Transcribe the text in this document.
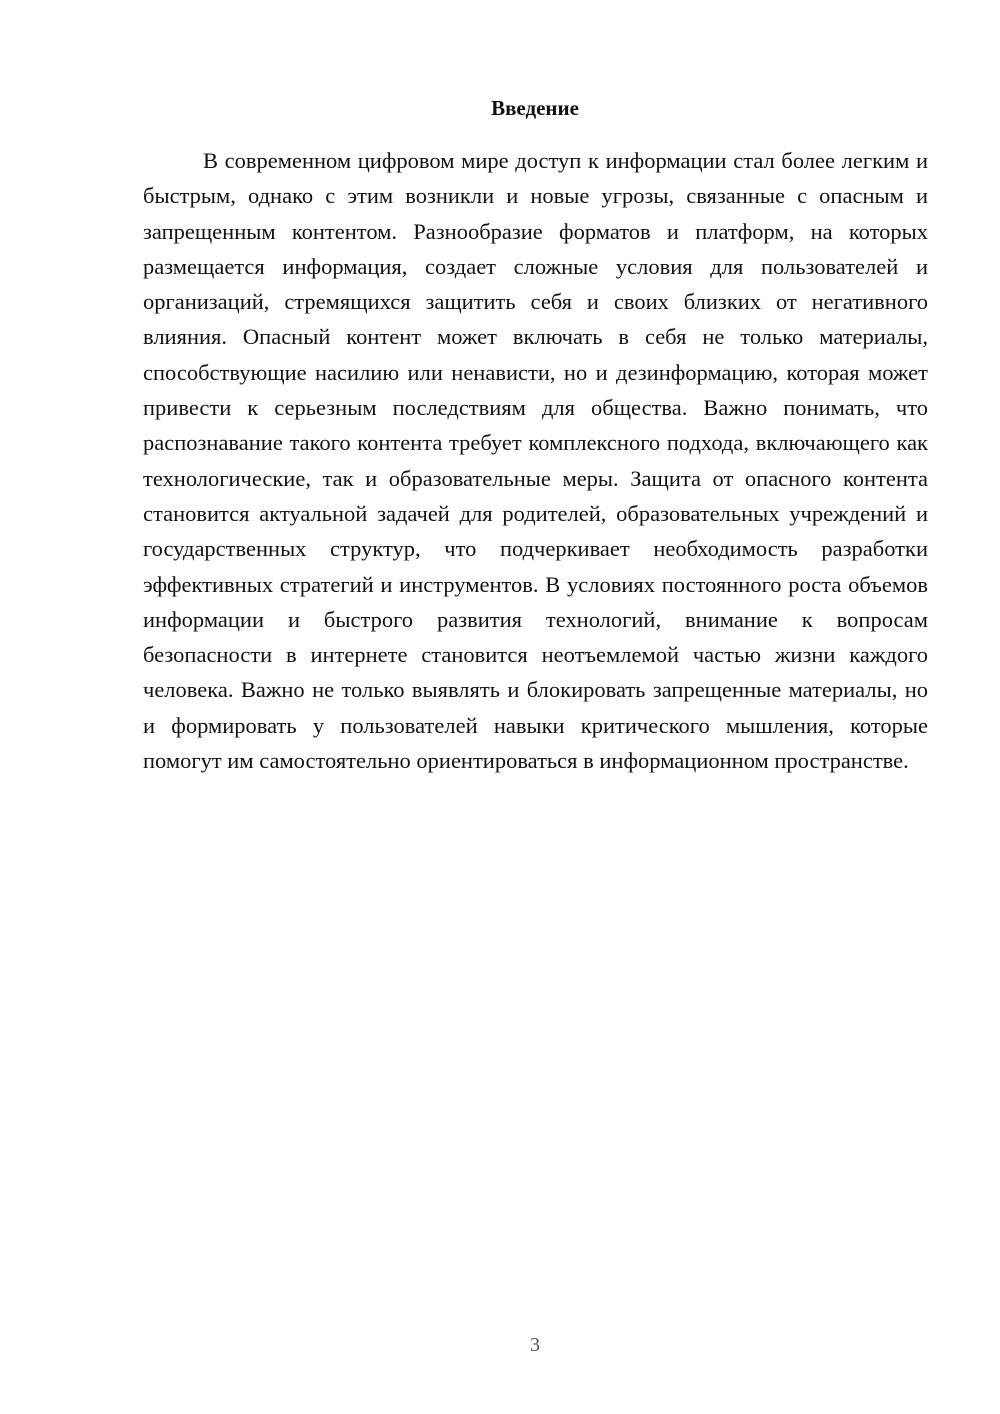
Введение

В современном цифровом мире доступ к информации стал более легким и быстрым, однако с этим возникли и новые угрозы, связанные с опасным и запрещенным контентом. Разнообразие форматов и платформ, на которых размещается информация, создает сложные условия для пользователей и организаций, стремящихся защитить себя и своих близких от негативного влияния. Опасный контент может включать в себя не только материалы, способствующие насилию или ненависти, но и дезинформацию, которая может привести к серьезным последствиям для общества. Важно понимать, что распознавание такого контента требует комплексного подхода, включающего как технологические, так и образовательные меры. Защита от опасного контента становится актуальной задачей для родителей, образовательных учреждений и государственных структур, что подчеркивает необходимость разработки эффективных стратегий и инструментов. В условиях постоянного роста объемов информации и быстрого развития технологий, внимание к вопросам безопасности в интернете становится неотъемлемой частью жизни каждого человека. Важно не только выявлять и блокировать запрещенные материалы, но и формировать у пользователей навыки критического мышления, которые помогут им самостоятельно ориентироваться в информационном пространстве.

3
